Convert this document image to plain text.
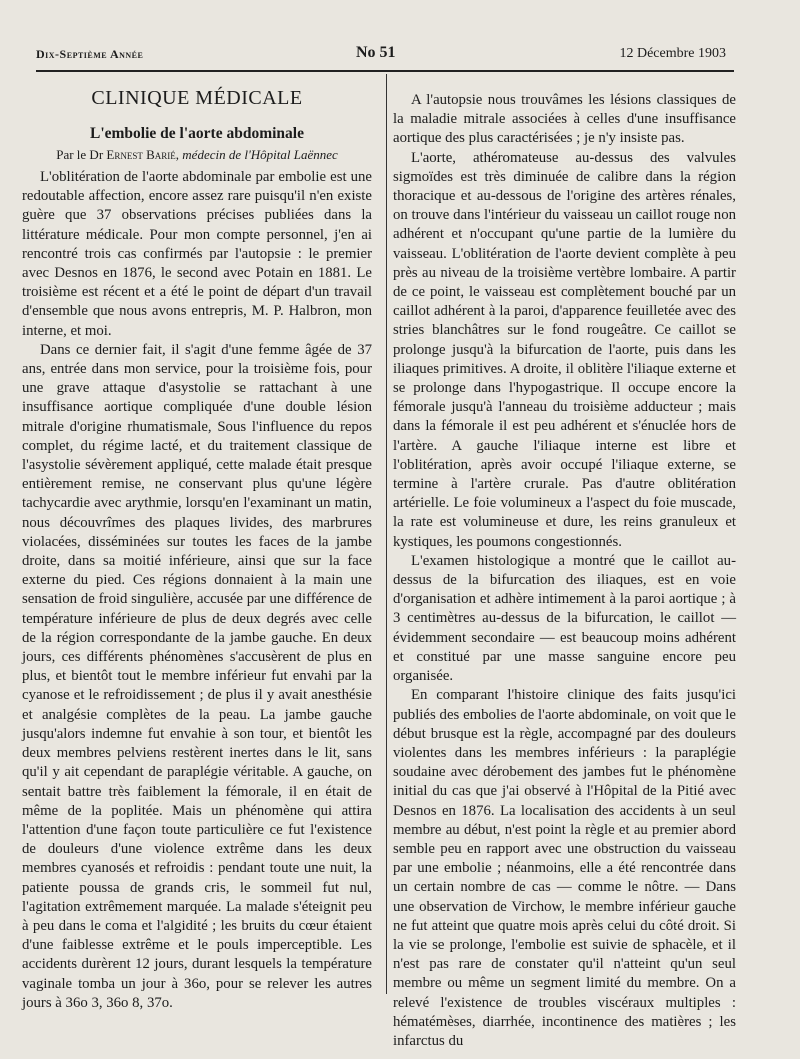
Dix-Septième Année	No 51	12 Décembre 1903
CLINIQUE MÉDICALE
L'embolie de l'aorte abdominale
Par le Dr Ernest Barié, médecin de l'Hôpital Laënnec

L'oblitération de l'aorte abdominale par embolie est une redoutable affection, encore assez rare puisqu'il n'en existe guère que 37 observations précises publiées dans la littérature médicale. Pour mon compte personnel, j'en ai rencontré trois cas confirmés par l'autopsie : le premier avec Desnos en 1876, le second avec Potain en 1881. Le troisième est récent et a été le point de départ d'un travail d'ensemble que nous avons entrepris, M. P. Halbron, mon interne, et moi.

Dans ce dernier fait, il s'agit d'une femme âgée de 37 ans, entrée dans mon service, pour la troisième fois, pour une grave attaque d'asystolie se rattachant à une insuffisance aortique compliquée d'une double lésion mitrale d'origine rhumatismale, Sous l'influence du repos complet, du régime lacté, et du traitement classique de l'asystolie sévèrement appliqué, cette malade était presque entièrement remise, ne conservant plus qu'une légère tachycardie avec arythmie, lorsqu'en l'examinant un matin, nous découvrîmes des plaques livides, des marbrures violacées, disséminées sur toutes les faces de la jambe droite, dans sa moitié inférieure, ainsi que sur la face externe du pied. Ces régions donnaient à la main une sensation de froid singulière, accusée par une différence de température inférieure de plus de deux degrés avec celle de la région correspondante de la jambe gauche. En deux jours, ces différents phénomènes s'accusèrent de plus en plus, et bientôt tout le membre inférieur fut envahi par la cyanose et le refroidissement ; de plus il y avait anesthésie et analgésie complètes de la peau. La jambe gauche jusqu'alors indemne fut envahie à son tour, et bientôt les deux membres pelviens restèrent inertes dans le lit, sans qu'il y ait cependant de paraplégie véritable. A gauche, on sentait battre très faiblement la fémorale, il en était de même de la poplitée. Mais un phénomène qui attira l'attention d'une façon toute particulière ce fut l'existence de douleurs d'une violence extrême dans les deux membres cyanosés et refroidis : pendant toute une nuit, la patiente poussa de grands cris, le sommeil fut nul, l'agitation extrêmement marquée. La malade s'éteignit peu à peu dans le coma et l'algidité ; les bruits du cœur étaient d'une faiblesse extrême et le pouls imperceptible. Les accidents durèrent 12 jours, durant lesquels la température vaginale tomba un jour à 36o, pour se relever les autres jours à 36o 3, 36o 8, 37o.

A l'autopsie nous trouvâmes les lésions classiques de la maladie mitrale associées à celles d'une insuffisance aortique des plus caractérisées ; je n'y insiste pas.

L'aorte, athéromateuse au-dessus des valvules sigmoïdes est très diminuée de calibre dans la région thoracique et au-dessous de l'origine des artères rénales, on trouve dans l'intérieur du vaisseau un caillot rouge non adhérent et n'occupant qu'une partie de la lumière du vaisseau. L'oblitération de l'aorte devient complète à peu près au niveau de la troisième vertèbre lombaire. A partir de ce point, le vaisseau est complètement bouché par un caillot adhérent à la paroi, d'apparence feuilletée avec des stries blanchâtres sur le fond rougeâtre. Ce caillot se prolonge jusqu'à la bifurcation de l'aorte, puis dans les iliaques primitives. A droite, il oblitère l'iliaque externe et se prolonge dans l'hypogastrique. Il occupe encore la fémorale jusqu'à l'anneau du troisième adducteur ; mais dans la fémorale il est peu adhérent et s'énuclée hors de l'artère. A gauche l'iliaque interne est libre et l'oblitération, après avoir occupé l'iliaque externe, se termine à l'artère crurale. Pas d'autre oblitération artérielle. Le foie volumineux a l'aspect du foie muscade, la rate est volumineuse et dure, les reins granuleux et kystiques, les poumons congestionnés.

L'examen histologique a montré que le caillot au-dessus de la bifurcation des iliaques, est en voie d'organisation et adhère intimement à la paroi aortique ; à 3 centimètres au-dessus de la bifurcation, le caillot — évidemment secondaire — est beaucoup moins adhérent et constitué par une masse sanguine encore peu organisée.

En comparant l'histoire clinique des faits jusqu'ici publiés des embolies de l'aorte abdominale, on voit que le début brusque est la règle, accompagné par des douleurs violentes dans les membres inférieurs : la paraplégie soudaine avec dérobement des jambes fut le phénomène initial du cas que j'ai observé à l'Hôpital de la Pitié avec Desnos en 1876. La localisation des accidents à un seul membre au début, n'est point la règle et au premier abord semble peu en rapport avec une obstruction du vaisseau par une embolie ; néanmoins, elle a été rencontrée dans un certain nombre de cas — comme le nôtre. — Dans une observation de Virchow, le membre inférieur gauche ne fut atteint que quatre mois après celui du côté droit. Si la vie se prolonge, l'embolie est suivie de sphacèle, et il n'est pas rare de constater qu'il n'atteint qu'un seul membre ou même un segment limité du membre. On a relevé l'existence de troubles viscéraux multiples : hématémèses, diarrhée, incontinence des matières ; les infarctus du
